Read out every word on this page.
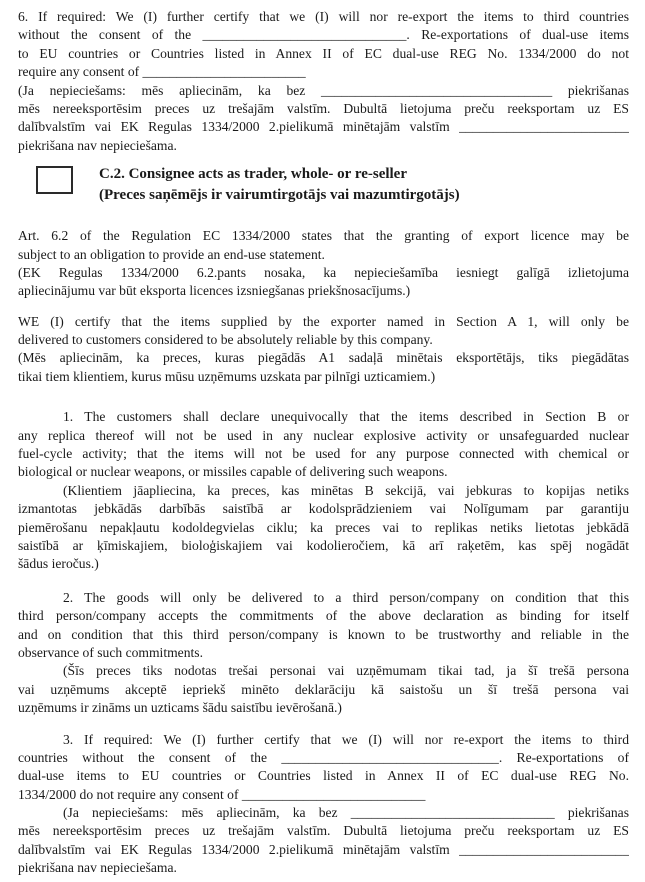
6. If required: We (I) further certify that we (I) will nor re-export the items to third countries
without the consent of the ______________________________. Re-exportations of dual-use items
to EU countries or Countries listed in Annex II of EC dual-use REG No. 1334/2000 do not
require any consent of ________________________
(Ja nepieciešams: mēs apliecinām, ka bez __________________________________ piekrišanas
mēs nereeksportēsim preces uz trešajām valstīm. Dubultā lietojuma preču reeksportam uz ES
dalībvalstīm vai EK Regulas 1334/2000 2.pielikumā minētajām valstīm _________________________
piekrišana nav nepieciešama.
C.2. Consignee acts as trader, whole- or re-seller
(Preces saņēmējs ir vairumtirgotājs vai mazumtirgotājs)
Art. 6.2 of the Regulation EC 1334/2000 states that the granting of export licence may be
subject to an obligation to provide an end-use statement.
(EK Regulas 1334/2000 6.2.pants nosaka, ka nepieciešamība iesniegt galīgā izlietojuma
apliecinājumu var būt eksporta licences izsniegšanas priekšnosacījums.)
WE (I) certify that the items supplied by the exporter named in Section A 1, will only be
delivered to customers considered to be absolutely reliable by this company.
(Mēs apliecinām, ka preces, kuras piegādās A1 sadaļā minētais eksportētājs, tiks piegādātas
tikai tiem klientiem, kurus mūsu uzņēmums uzskata par pilnīgi uzticamiem.)
1. The customers shall declare unequivocally that the items described in Section B or
any replica thereof will not be used in any nuclear explosive activity or unsafeguarded nuclear
fuel-cycle activity; that the items will not be used for any purpose connected with chemical or
biological or nuclear weapons, or missiles capable of delivering such weapons.
(Klientiem jāapliecina, ka preces, kas minētas B sekcijā, vai jebkuras to kopijas netiks
izmantotas jebkādās darbībās saistībā ar kodolsprādzieniem vai Nolīgumam par garantiju
piemērošanu nepakļautu kodoldegvielas ciklu; ka preces vai to replikas netiks lietotas jebkādā
saistībā ar ķīmiskajiem, bioloģiskajiem vai kodolieročiem, kā arī raķetēm, kas spēj nogādāt
šādus ieročus.)
2. The goods will only be delivered to a third person/company on condition that this
third person/company accepts the commitments of the above declaration as binding for itself
and on condition that this third person/company is known to be trustworthy and reliable in the
observance of such commitments.
(Šīs preces tiks nodotas trešai personai vai uzņēmumam tikai tad, ja šī trešā persona
vai uzņēmums akceptē iepriekš minēto deklarāciju kā saistošu un šī trešā persona vai
uzņēmums ir zināms un uzticams šādu saistību ievērošanā.)
3. If required: We (I) further certify that we (I) will nor re-export the items to third
countries without the consent of the ________________________________. Re-exportations of
dual-use items to EU countries or Countries listed in Annex II of EC dual-use REG No.
1334/2000 do not require any consent of ___________________________
(Ja nepieciešams: mēs apliecinām, ka bez ______________________________ piekrišanas
mēs nereeksportēsim preces uz trešajām valstīm. Dubultā lietojuma preču reeksportam uz ES
dalībvalstīm vai EK Regulas 1334/2000 2.pielikumā minētajām valstīm _________________________
piekrišana nav nepieciešama.
